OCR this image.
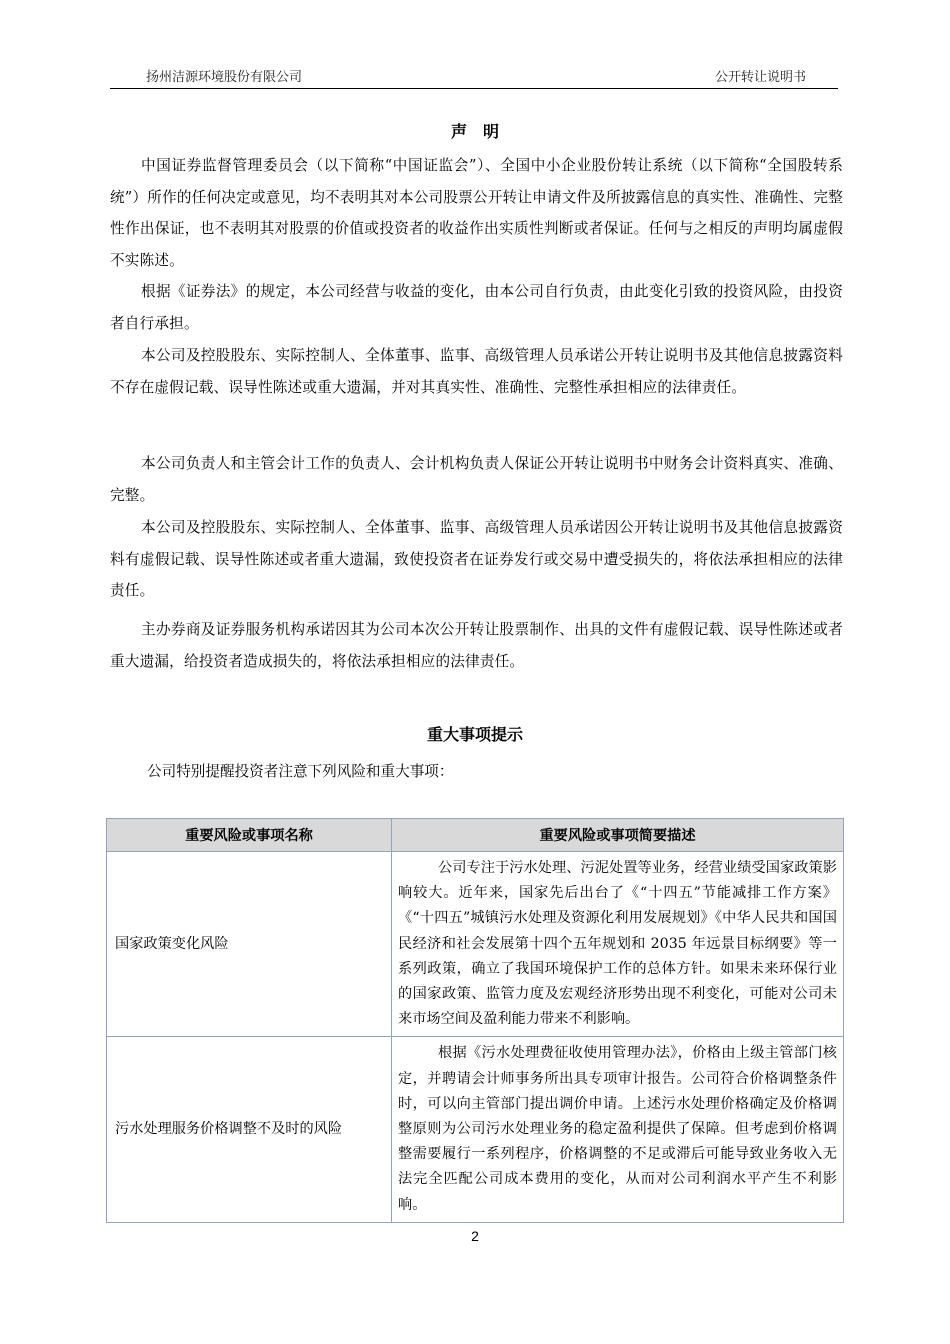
扬州洁源环境股份有限公司	公开转让说明书
声明

中国证券监督管理委员会（以下简称“中国证监会”）、全国中小企业股份转让系统（以下简称“全国股转系统”）所作的任何决定或意见，均不表明其对本公司股票公开转让申请文件及所披露信息的真实性、准确性、完整性作出保证，也不表明其对股票的价值或投资者的收益作出实质性判断或者保证。任何与之相反的声明均属虚假不实陈述。

根据《证券法》的规定，本公司经营与收益的变化，由本公司自行负责，由此变化引致的投资风险，由投资者自行承担。

本公司及控股股东、实际控制人、全体董事、监事、高级管理人员承诺公开转让说明书及其他信息披露资料不存在虚假记载、误导性陈述或重大遗漏，并对其真实性、准确性、完整性承担相应的法律责任。

本公司负责人和主管会计工作的负责人、会计机构负责人保证公开转让说明书中财务会计资料真实、准确、完整。

本公司及控股股东、实际控制人、全体董事、监事、高级管理人员承诺因公开转让说明书及其他信息披露资料有虚假记载、误导性陈述或者重大遗漏，致使投资者在证券发行或交易中遭受损失的，将依法承担相应的法律责任。

主办券商及证券服务机构承诺因其为公司本次公开转让股票制作、出具的文件有虚假记载、误导性陈述或者重大遗漏，给投资者造成损失的，将依法承担相应的法律责任。

重大事项提示
公司特别提醒投资者注意下列风险和重大事项：
重要风险或事项名称	重要风险或事项简要描述
国家政策变化风险	公司专注于污水处理、污泥处置等业务，经营业绩受国家政策影响较大。近年来，国家先后出台了《“十四五”节能减排工作方案》《“十四五”城镇污水处理及资源化利用发展规划》《中华人民共和国国民经济和社会发展第十四个五年规划和 2035 年远景目标纲要》等一系列政策，确立了我国环境保护工作的总体方针。如果未来环保行业的国家政策、监管力度及宏观经济形势出现不利变化，可能对公司未来市场空间及盈利能力带来不利影响。
污水处理服务价格调整不及时的风险	根据《污水处理费征收使用管理办法》，价格由上级主管部门核定，并聘请会计师事务所出具专项审计报告。公司符合价格调整条件时，可以向主管部门提出调价申请。上述污水处理价格确定及价格调整原则为公司污水处理业务的稳定盈利提供了保障。但考虑到价格调整需要履行一系列程序，价格调整的不足或滞后可能导致业务收入无法完全匹配公司成本费用的变化，从而对公司利润水平产生不利影响。
2
